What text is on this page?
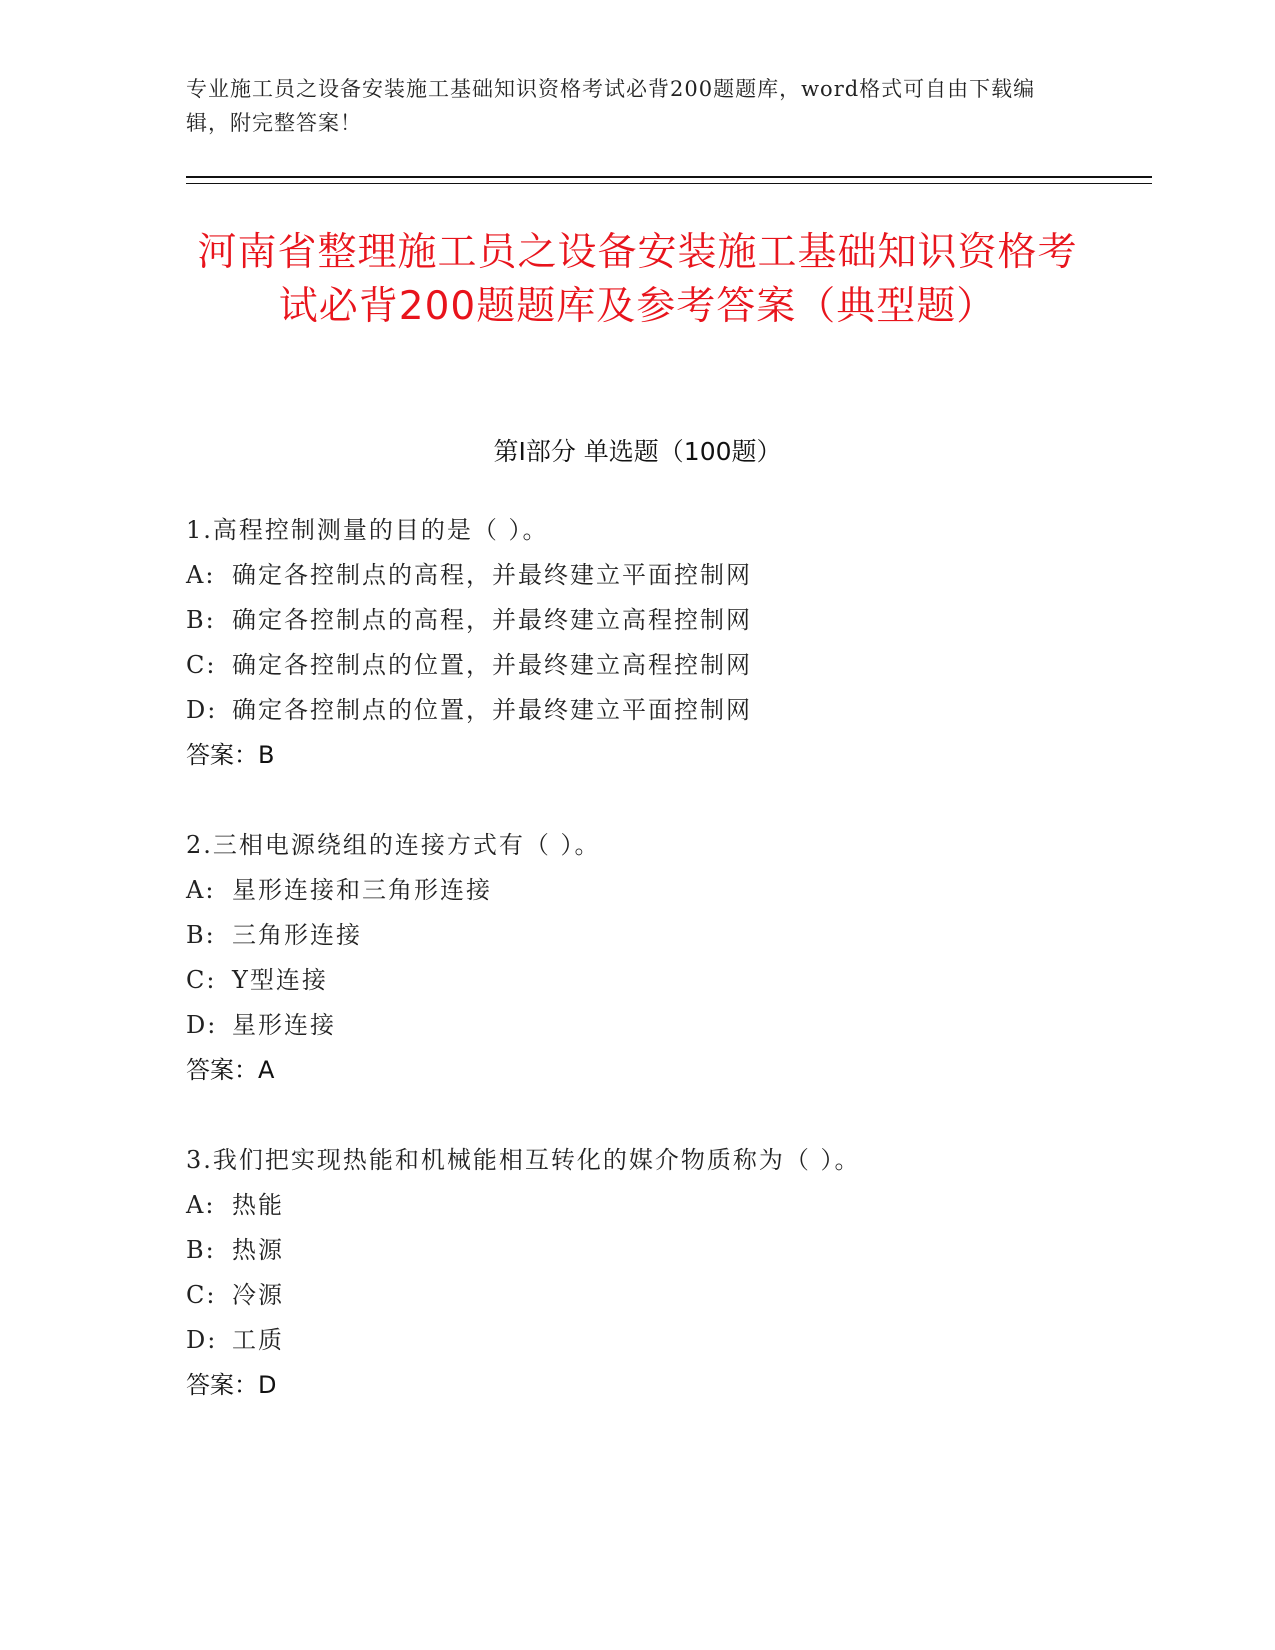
专业施工员之设备安装施工基础知识资格考试必背200题题库，word格式可自由下载编辑，附完整答案！
河南省整理施工员之设备安装施工基础知识资格考试必背200题题库及参考答案（典型题）
第Ⅰ部分 单选题（100题）
1.高程控制测量的目的是（ ）。
A: 确定各控制点的高程，并最终建立平面控制网
B: 确定各控制点的高程，并最终建立高程控制网
C: 确定各控制点的位置，并最终建立高程控制网
D: 确定各控制点的位置，并最终建立平面控制网
答案：B
2.三相电源绕组的连接方式有（ ）。
A: 星形连接和三角形连接
B: 三角形连接
C: Y型连接
D: 星形连接
答案：A
3.我们把实现热能和机械能相互转化的媒介物质称为（ ）。
A: 热能
B: 热源
C: 冷源
D: 工质
答案：D
